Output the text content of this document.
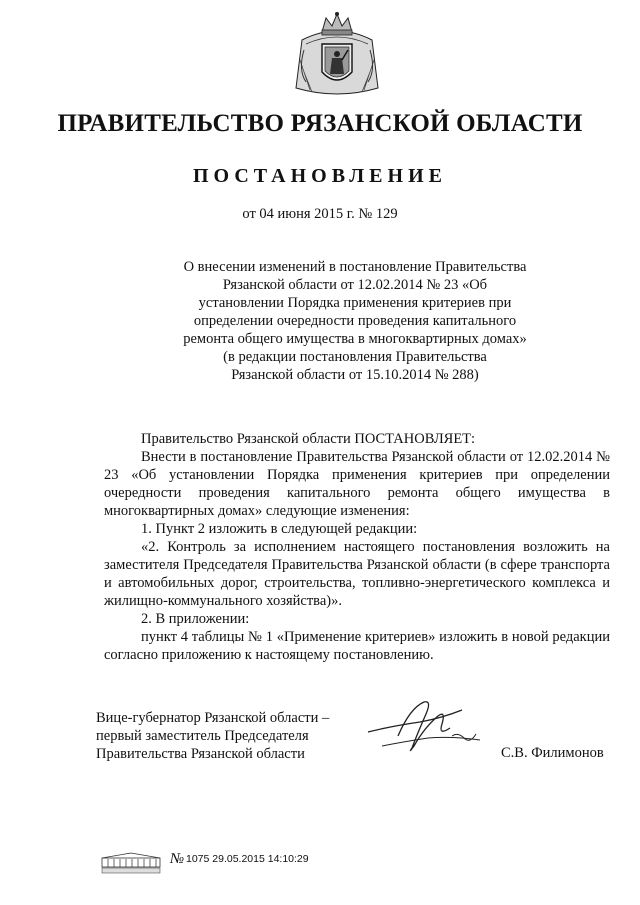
ПРАВИТЕЛЬСТВО РЯЗАНСКОЙ ОБЛАСТИ
ПОСТАНОВЛЕНИЕ
от 04 июня 2015 г. № 129
О внесении изменений в постановление Правительства
Рязанской области от 12.02.2014 № 23 «Об
установлении Порядка применения критериев при
определении очередности проведения капитального
ремонта общего имущества в многоквартирных домах»
(в редакции постановления Правительства
Рязанской области от 15.10.2014 № 288)

Правительство Рязанской области ПОСТАНОВЛЯЕТ:

Внести в постановление Правительства Рязанской области от 12.02.2014 № 23 «Об установлении Порядка применения критериев при определении очередности проведения капитального ремонта общего имущества в многоквартирных домах» следующие изменения:

1. Пункт 2 изложить в следующей редакции:

«2. Контроль за исполнением настоящего постановления возложить на заместителя Председателя Правительства Рязанской области (в сфере транспорта и автомобильных дорог, строительства, топливно-энергетического комплекса и жилищно-коммунального хозяйства)».

2. В приложении:

пункт 4 таблицы № 1 «Применение критериев» изложить в новой редакции согласно приложению к настоящему постановлению.

Вице-губернатор Рязанской области –
первый заместитель Председателя
Правительства Рязанской области	С.В. Филимонов
№ 1075 29.05.2015 14:10:29
